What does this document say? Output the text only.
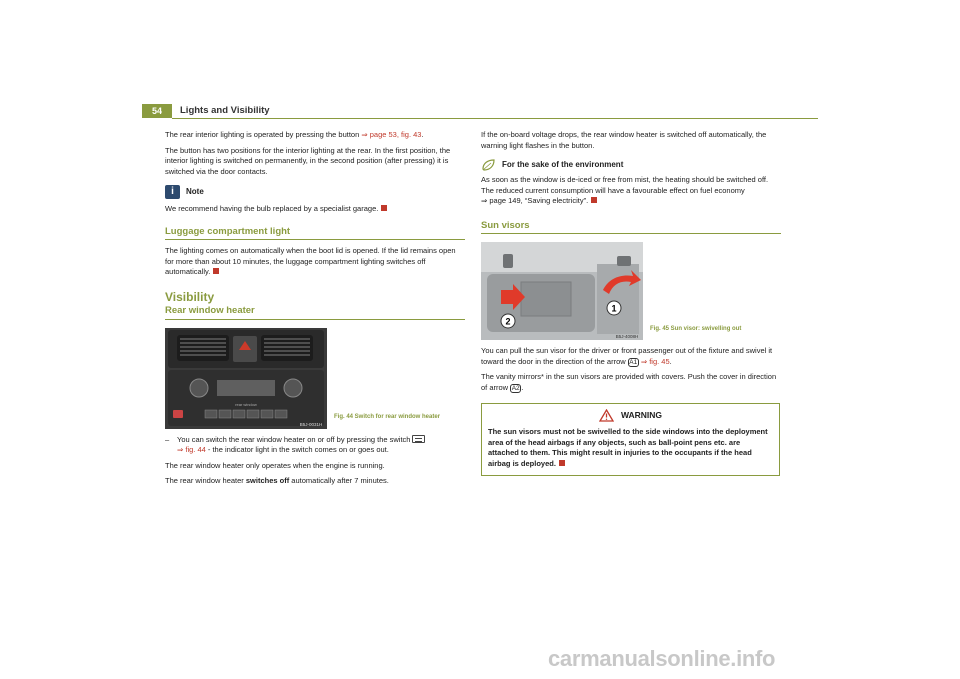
54	Lights and Visibility

The rear interior lighting is operated by pressing the button ⇒ page 53, fig. 43.

The button has two positions for the interior lighting at the rear. In the first position, the interior lighting is switched on permanently, in the second position (after pressing) it is switched via the door contacts.

i	Note

We recommend having the bulb replaced by a specialist garage.

Luggage compartment light

The lighting comes on automatically when the boot lid is opened. If the lid remains open for more than about 10 minutes, the luggage compartment lighting switches off automatically.

Visibility
Rear window heater
rear window
B5J-0031H
Fig. 44 Switch for rear window heater
–	You can switch the rear window heater on or off by pressing the switch
⇒ fig. 44 - the indicator light in the switch comes on or goes out.

The rear window heater only operates when the engine is running.

The rear window heater switches off automatically after 7 minutes.

If the on-board voltage drops, the rear window heater is switched off automatically, the warning light flashes in the button.

For the sake of the environment

As soon as the window is de-iced or free from mist, the heating should be switched off. The reduced current consumption will have a favourable effect on fuel economy
⇒ page 149, “Saving electricity”.

Sun visors
1
2
B5J-4008H
Fig. 45 Sun visor: swivelling out

You can pull the sun visor for the driver or front passenger out of the fixture and swivel it toward the door in the direction of the arrow A1 ⇒ fig. 45.

The vanity mirrors* in the sun visors are provided with covers. Push the cover in direction of arrow A2 .

WARNING
The sun visors must not be swivelled to the side windows into the deployment area of the head airbags if any objects, such as ball-point pens etc. are attached to them. This might result in injuries to the occupants if the head airbag is deployed.
carmanualsonline.info
